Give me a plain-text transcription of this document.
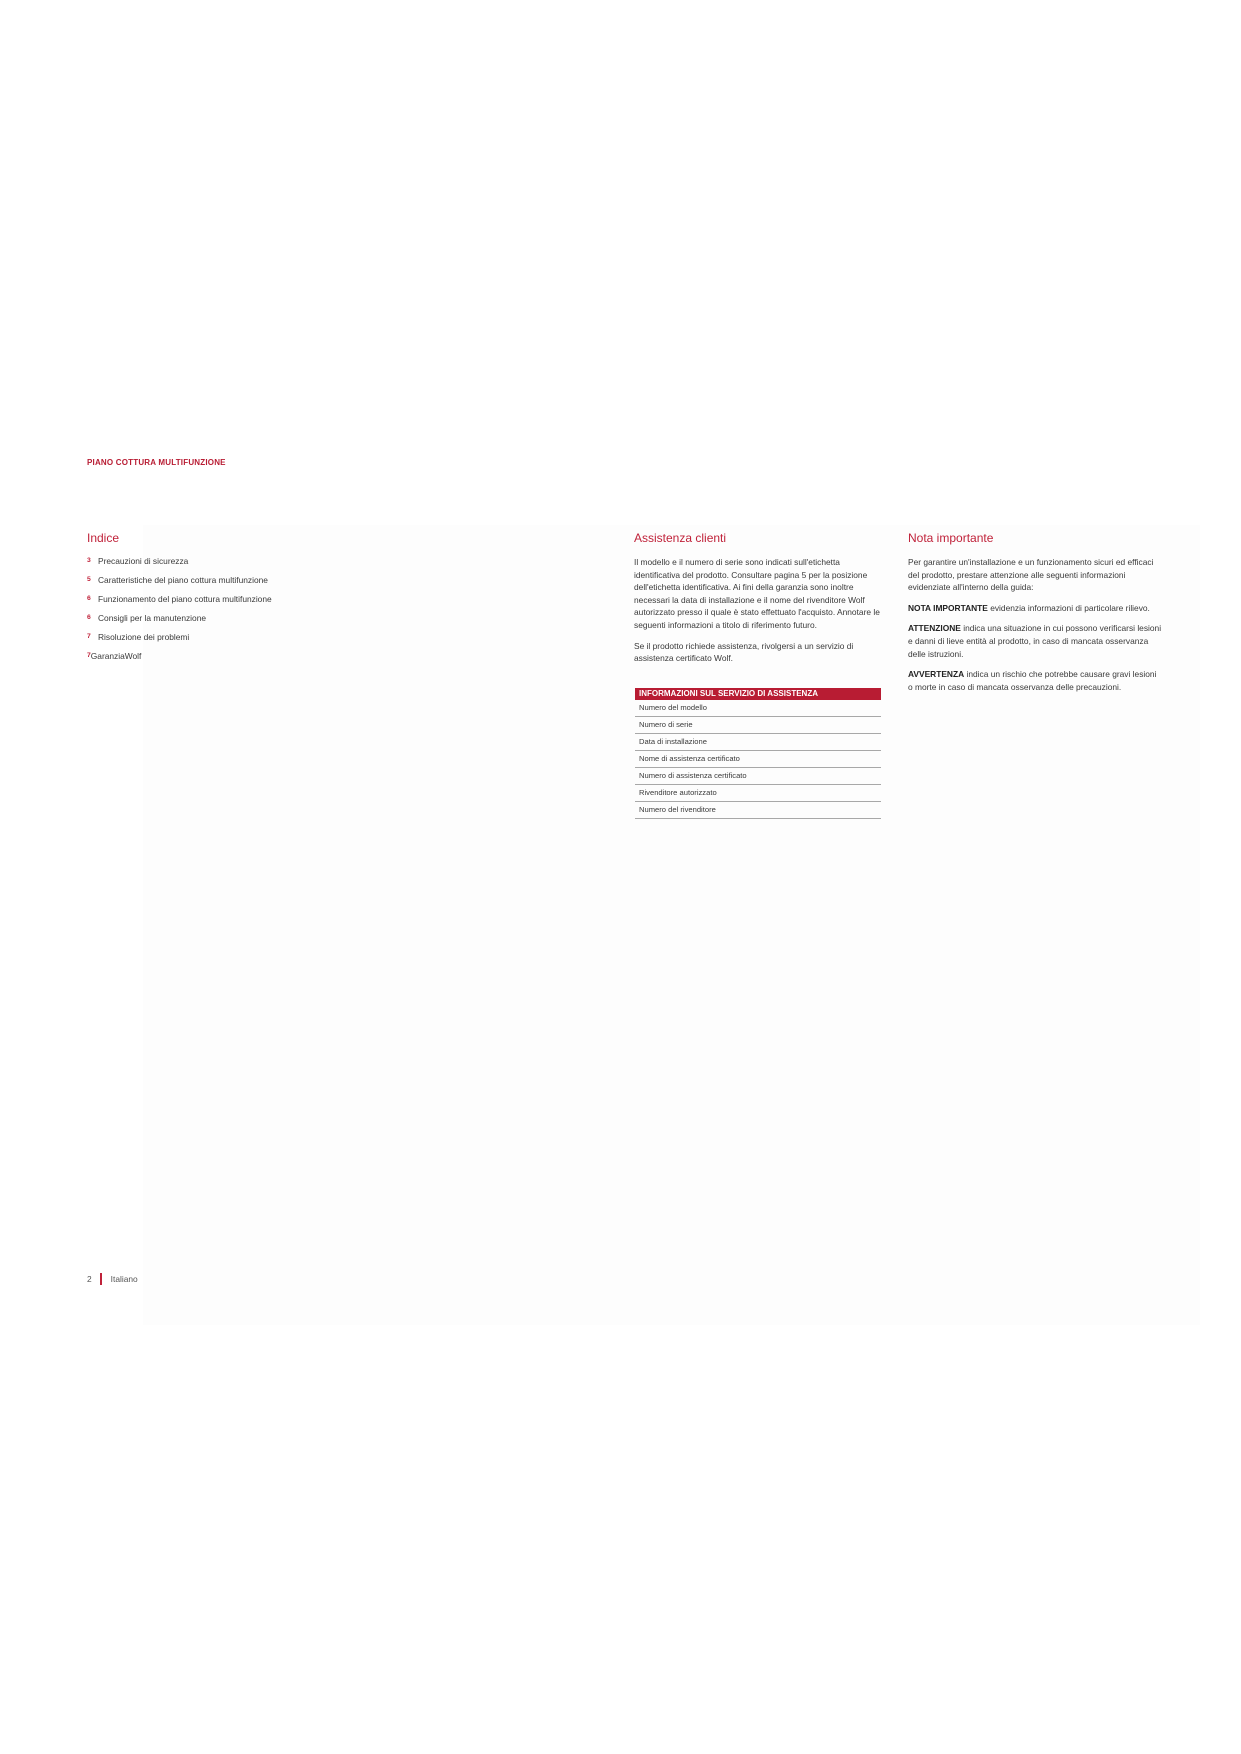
PIANO COTTURA MULTIFUNZIONE
Indice
3 Precauzioni di sicurezza
5 Caratteristiche del piano cottura multifunzione
6 Funzionamento del piano cottura multifunzione
6 Consigli per la manutenzione
7 Risoluzione dei problemi
7 GaranziaWolf
Assistenza clienti

Il modello e il numero di serie sono indicati sull'etichetta identificativa del prodotto. Consultare pagina 5 per la posizione dell'etichetta identificativa. Ai fini della garanzia sono inoltre necessari la data di installazione e il nome del rivenditore Wolf autorizzato presso il quale è stato effettuato l'acquisto. Annotare le seguenti informazioni a titolo di riferimento futuro.

Se il prodotto richiede assistenza, rivolgersi a un servizio di assistenza certificato Wolf.

INFORMAZIONI SUL SERVIZIO DI ASSISTENZA
Numero del modello
Numero di serie
Data di installazione
Nome di assistenza certificato
Numero di assistenza certificato
Rivenditore autorizzato
Numero del rivenditore
Nota importante

Per garantire un'installazione e un funzionamento sicuri ed efficaci del prodotto, prestare attenzione alle seguenti informazioni evidenziate all'interno della guida:

NOTA IMPORTANTE evidenzia informazioni di particolare rilievo.

ATTENZIONE indica una situazione in cui possono verificarsi lesioni e danni di lieve entità al prodotto, in caso di mancata osservanza delle istruzioni.

AVVERTENZA indica un rischio che potrebbe causare gravi lesioni o morte in caso di mancata osservanza delle precauzioni.

2 Italiano
